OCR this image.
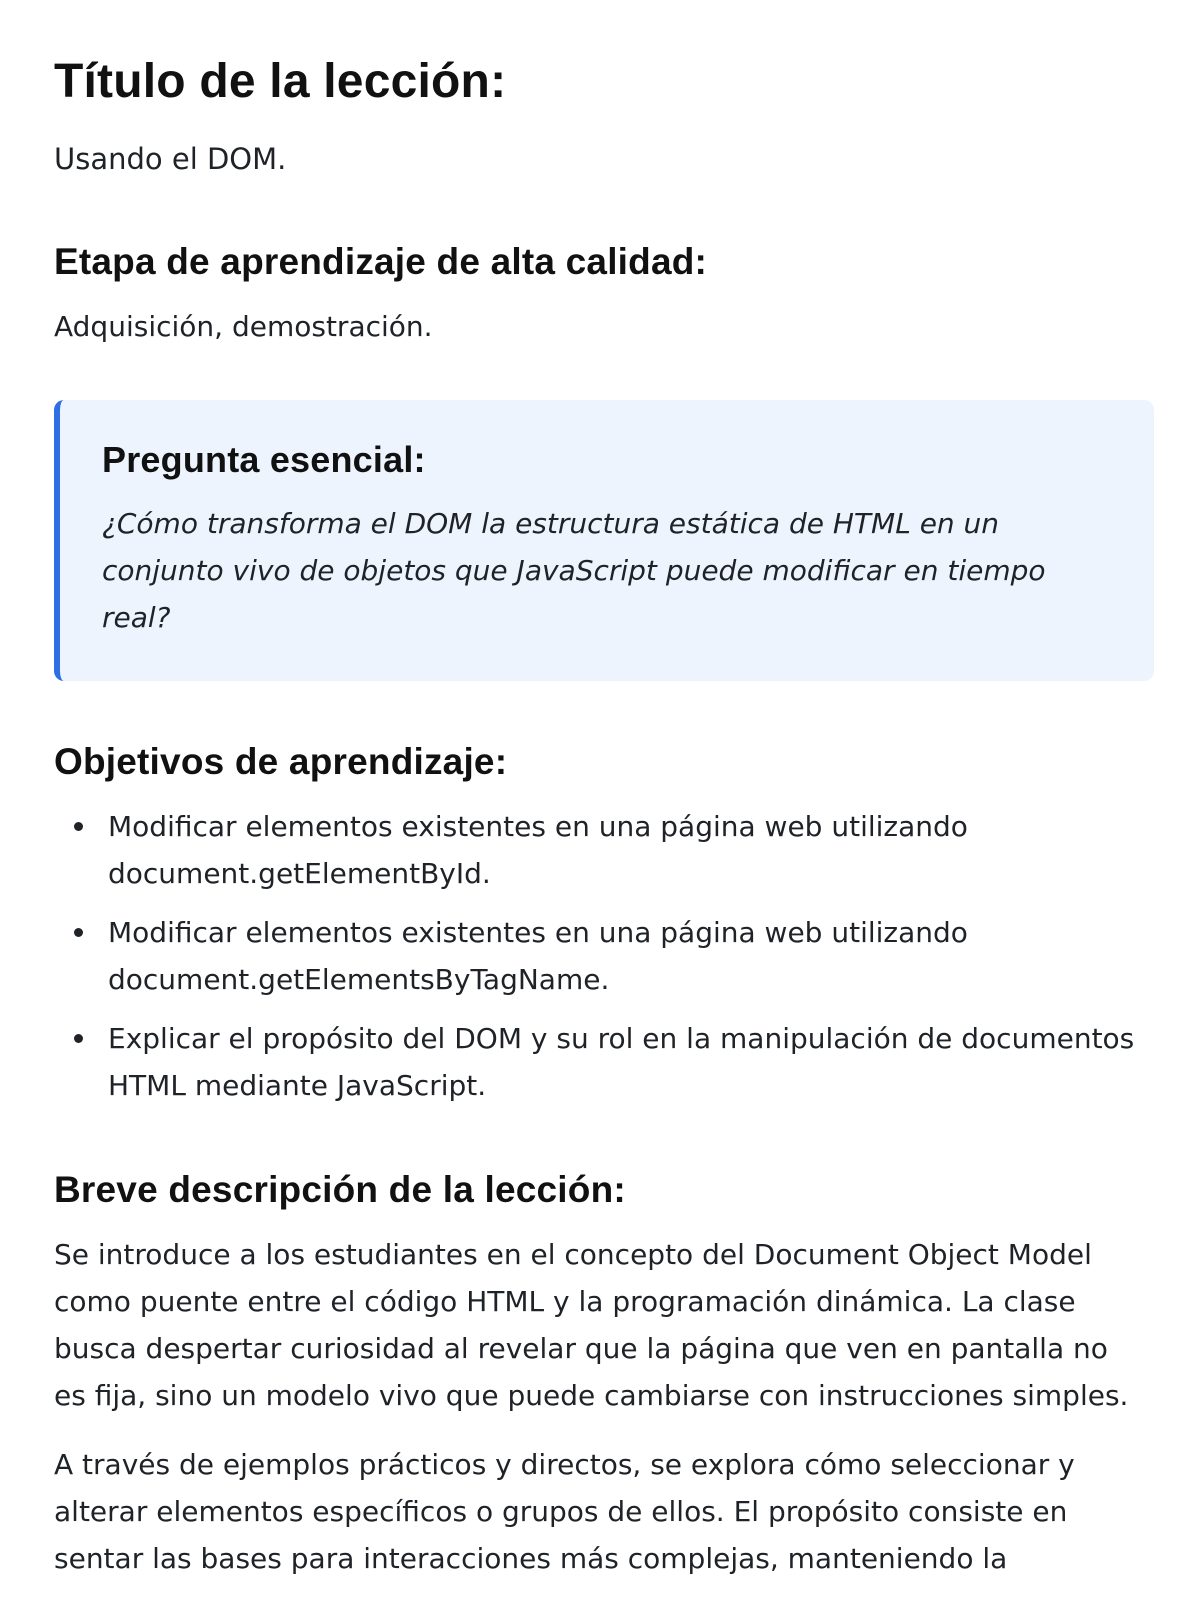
Título de la lección:

Usando el DOM.

Etapa de aprendizaje de alta calidad:

Adquisición, demostración.

Pregunta esencial:

¿Cómo transforma el DOM la estructura estática de HTML en un conjunto vivo de objetos que JavaScript puede modificar en tiempo real?

Objetivos de aprendizaje:
Modificar elementos existentes en una página web utilizando document.getElementById.
Modificar elementos existentes en una página web utilizando document.getElementsByTagName.
Explicar el propósito del DOM y su rol en la manipulación de documentos HTML mediante JavaScript.
Breve descripción de la lección:

Se introduce a los estudiantes en el concepto del Document Object Model como puente entre el código HTML y la programación dinámica. La clase busca despertar curiosidad al revelar que la página que ven en pantalla no es fija, sino un modelo vivo que puede cambiarse con instrucciones simples.

A través de ejemplos prácticos y directos, se explora cómo seleccionar y alterar elementos específicos o grupos de ellos. El propósito consiste en sentar las bases para interacciones más complejas, manteniendo la
